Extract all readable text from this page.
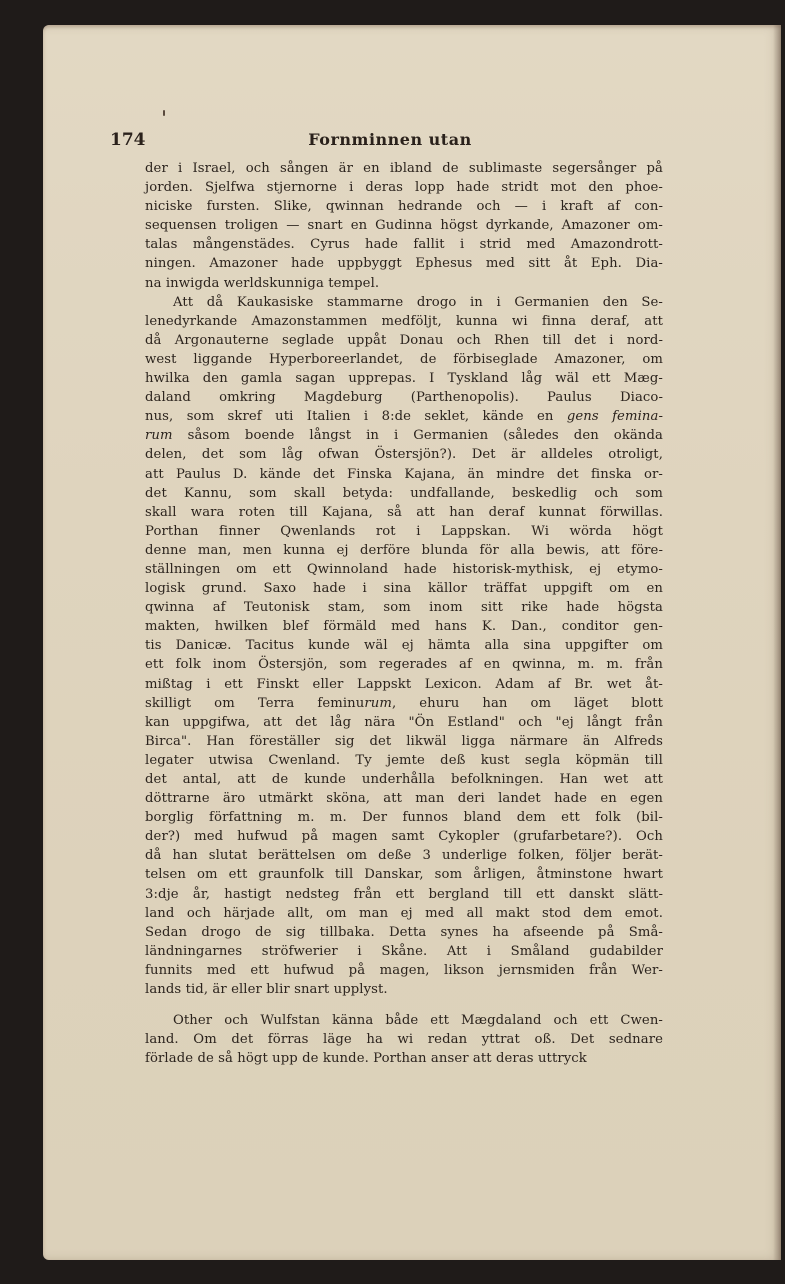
174	Fornminnen utan
der i Israel, och sången är en ibland de sublimaste segersånger på
jorden. Sjelfwa stjernorne i deras lopp hade stridt mot den phoe-
niciske fursten. Slike, qwinnan hedrande och — i kraft af con-
sequensen troligen — snart en Gudinna högst dyrkande, Amazoner om-
talas mångenstädes. Cyrus hade fallit i strid med Amazondrott-
ningen. Amazoner hade uppbyggt Ephesus med sitt åt Eph. Dia-
na inwigda werldskunniga tempel.
Att då Kaukasiske stammarne drogo in i Germanien den Se-
lenedyrkande Amazonstammen medföljt, kunna wi finna deraf, att
då Argonauterne seglade uppåt Donau och Rhen till det i nord-
west liggande Hyperboreerlandet, de förbiseglade Amazoner, om
hwilka den gamla sagan upprepas. I Tyskland låg wäl ett Mæg-
daland omkring Magdeburg (Parthenopolis). Paulus Diaco-
nus, som skref uti Italien i 8:de seklet, kände en gens femina-
rum såsom boende långst in i Germanien (således den okända
delen, det som låg ofwan Östersjön?). Det är alldeles otroligt,
att Paulus D. kände det Finska Kajana, än mindre det finska or-
det Kannu, som skall betyda: undfallande, beskedlig och som
skall wara roten till Kajana, så att han deraf kunnat förwillas.
Porthan finner Qwenlands rot i Lappskan. Wi wörda högt
denne man, men kunna ej derföre blunda för alla bewis, att före-
ställningen om ett Qwinnoland hade historisk-mythisk, ej etymo-
logisk grund. Saxo hade i sina källor träffat uppgift om en
qwinna af Teutonisk stam, som inom sitt rike hade högsta
makten, hwilken blef förmäld med hans K. Dan., conditor gen-
tis Danicæ. Tacitus kunde wäl ej hämta alla sina uppgifter om
ett folk inom Östersjön, som regerades af en qwinna, m. m. från
mißtag i ett Finskt eller Lappskt Lexicon. Adam af Br. wet åt-
skilligt om Terra feminurum, ehuru han om läget blott
kan uppgifwa, att det låg nära "Ön Estland" och "ej långt från
Birca". Han föreställer sig det likwäl ligga närmare än Alfreds
legater utwisa Cwenland. Ty jemte deß kust segla köpmän till
det antal, att de kunde underhålla befolkningen. Han wet att
döttrarne äro utmärkt sköna, att man deri landet hade en egen
borglig författning m. m. Der funnos bland dem ett folk (bil-
der?) med hufwud på magen samt Cykopler (grufarbetare?). Och
då han slutat berättelsen om deße 3 underlige folken, följer berät-
telsen om ett graunfolk till Danskar, som årligen, åtminstone hwart
3:dje år, hastigt nedsteg från ett bergland till ett danskt slätt-
land och härjade allt, om man ej med all makt stod dem emot.
Sedan drogo de sig tillbaka. Detta synes ha afseende på Små-
ländningarnes ströfwerier i Skåne. Att i Småland gudabilder
funnits med ett hufwud på magen, likson jernsmiden från Wer-
lands tid, är eller blir snart upplyst.
Other och Wulfstan känna både ett Mægdaland och ett Cwen-
land. Om det förras läge ha wi redan yttrat oß. Det sednare
förlade de så högt upp de kunde. Porthan anser att deras uttryck
